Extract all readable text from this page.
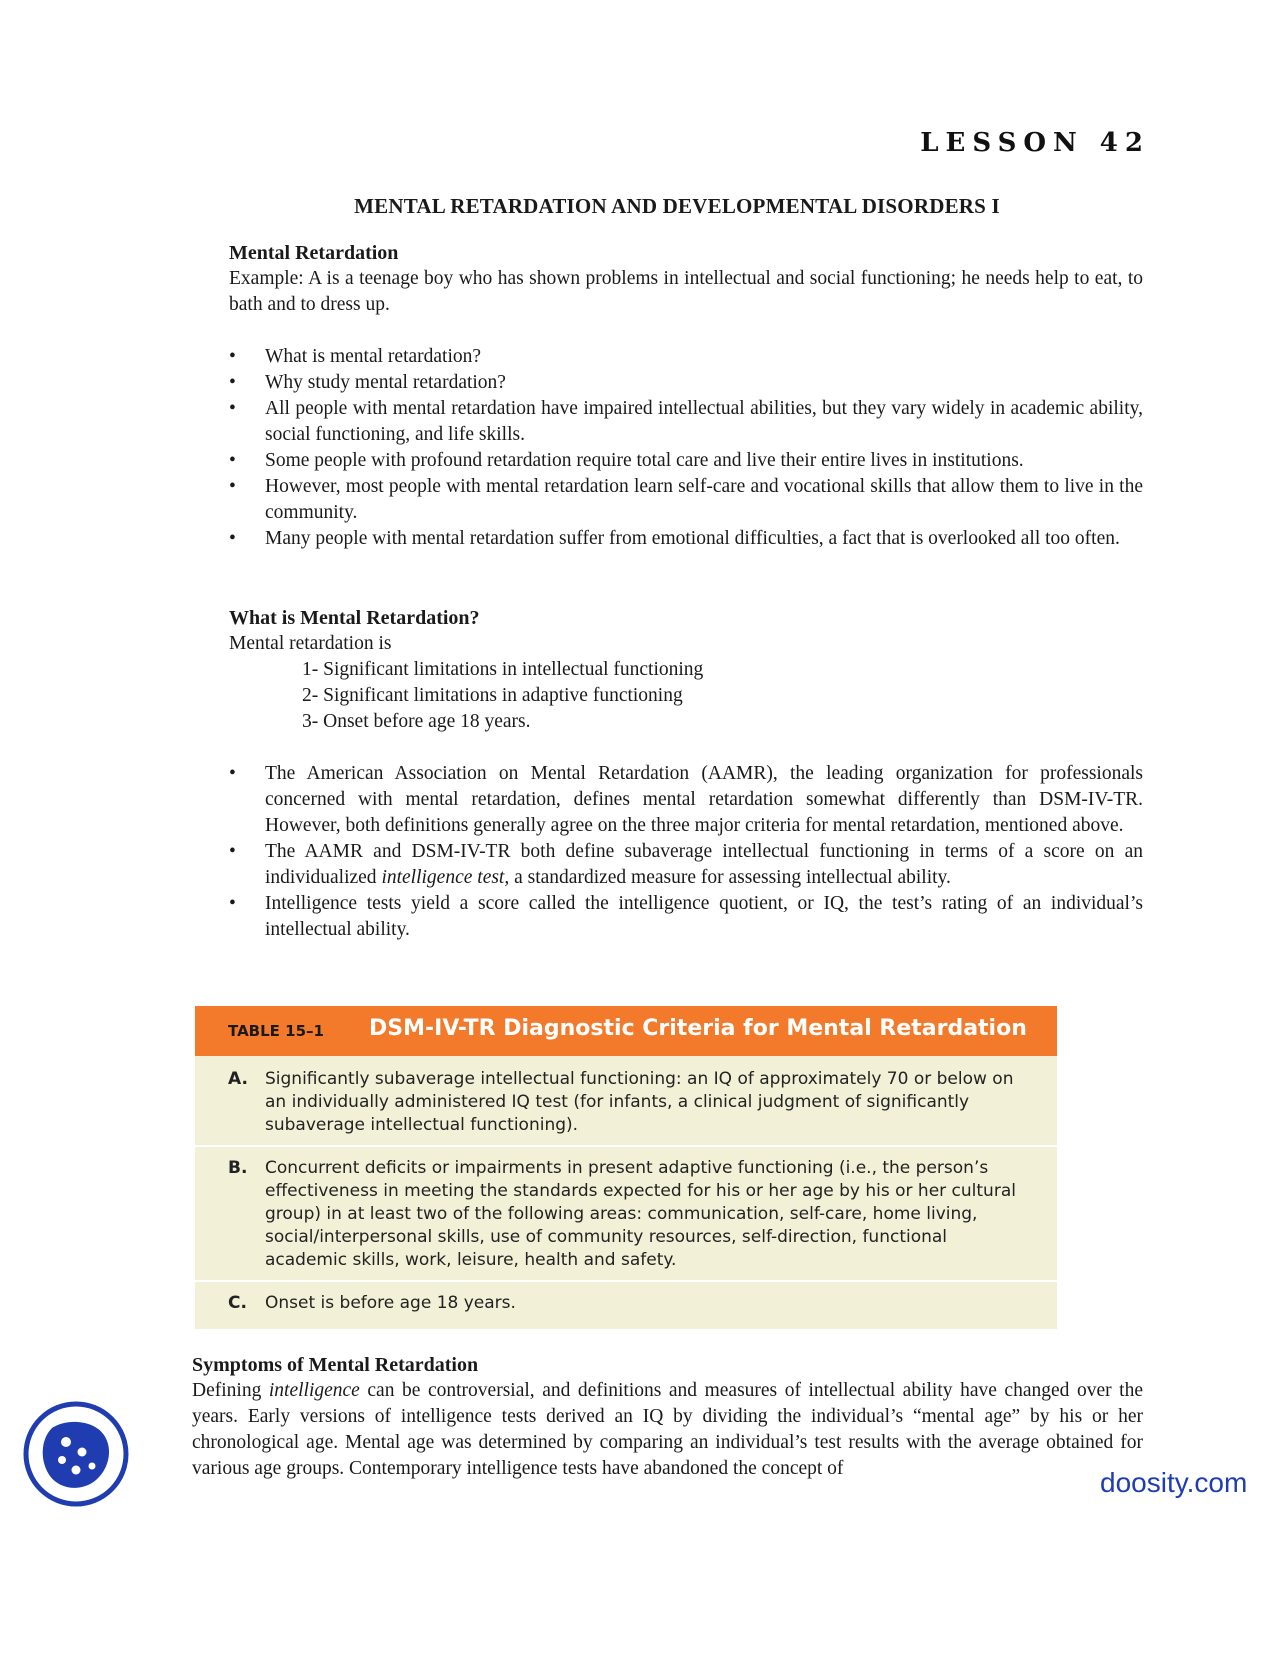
LESSON 42
MENTAL RETARDATION AND DEVELOPMENTAL DISORDERS I
Mental Retardation
Example: A is a teenage boy who has shown problems in intellectual and social functioning; he needs help to eat, to bath and to dress up.
• What is mental retardation?
• Why study mental retardation?
• All people with mental retardation have impaired intellectual abilities, but they vary widely in academic ability, social functioning, and life skills.
• Some people with profound retardation require total care and live their entire lives in institutions.
• However, most people with mental retardation learn self-care and vocational skills that allow them to live in the community.
• Many people with mental retardation suffer from emotional difficulties, a fact that is overlooked all too often.
What is Mental Retardation?
Mental retardation is
1- Significant limitations in intellectual functioning
2- Significant limitations in adaptive functioning
3- Onset before age 18 years.
• The American Association on Mental Retardation (AAMR), the leading organization for professionals concerned with mental retardation, defines mental retardation somewhat differently than DSM-IV-TR. However, both definitions generally agree on the three major criteria for mental retardation, mentioned above.
• The AAMR and DSM-IV-TR both define subaverage intellectual functioning in terms of a score on an individualized intelligence test, a standardized measure for assessing intellectual ability.
• Intelligence tests yield a score called the intelligence quotient, or IQ, the test’s rating of an individual’s intellectual ability.
TABLE 15–1 DSM-IV-TR Diagnostic Criteria for Mental Retardation
A. Significantly subaverage intellectual functioning: an IQ of approximately 70 or below on an individually administered IQ test (for infants, a clinical judgment of significantly subaverage intellectual functioning).
B. Concurrent deficits or impairments in present adaptive functioning (i.e., the person’s effectiveness in meeting the standards expected for his or her age by his or her cultural group) in at least two of the following areas: communication, self-care, home living, social/interpersonal skills, use of community resources, self-direction, functional academic skills, work, leisure, health and safety.
C. Onset is before age 18 years.
Symptoms of Mental Retardation
Defining intelligence can be controversial, and definitions and measures of intellectual ability have changed over the years. Early versions of intelligence tests derived an IQ by dividing the individual’s “mental age” by his or her chronological age. Mental age was determined by comparing an individual’s test results with the average obtained for various age groups. Contemporary intelligence tests have abandoned the concept of	doosity.com
